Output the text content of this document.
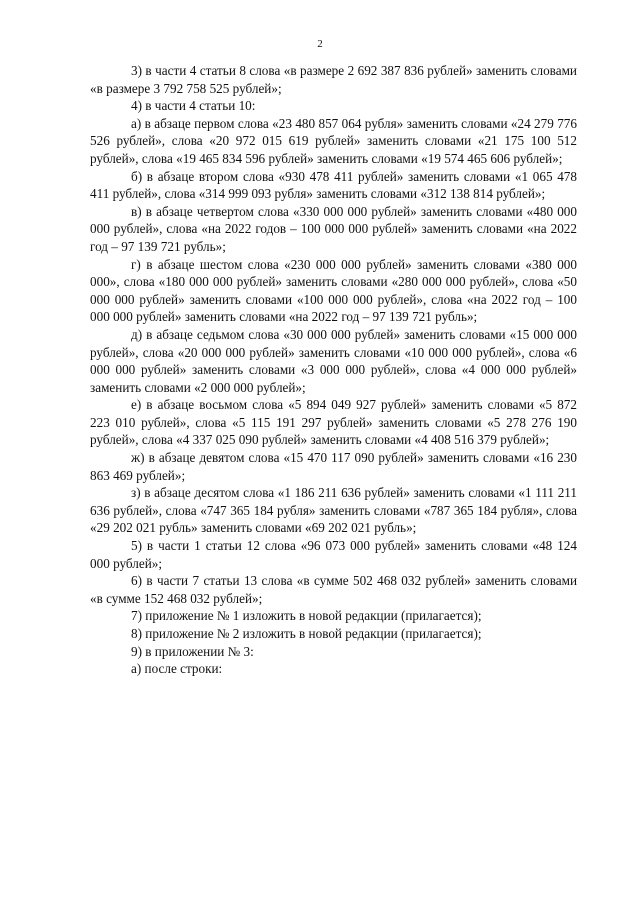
2

3) в части 4 статьи 8 слова «в размере 2 692 387 836 рублей» заменить словами «в размере 3 792 758 525 рублей»;

4) в части 4 статьи 10:

а) в абзаце первом слова «23 480 857 064 рубля» заменить словами «24 279 776 526 рублей», слова «20 972 015 619 рублей» заменить словами «21 175 100 512 рублей», слова «19 465 834 596 рублей» заменить словами «19 574 465 606 рублей»;

б) в абзаце втором слова «930 478 411 рублей» заменить словами «1 065 478 411 рублей», слова «314 999 093 рубля» заменить словами «312 138 814 рублей»;

в) в абзаце четвертом слова «330 000 000 рублей» заменить словами «480 000 000 рублей», слова «на 2022 годов – 100 000 000 рублей» заменить словами «на 2022 год – 97 139 721 рубль»;

г) в абзаце шестом слова «230 000 000 рублей» заменить словами «380 000 000», слова «180 000 000 рублей» заменить словами «280 000 000 рублей», слова «50 000 000 рублей» заменить словами «100 000 000 рублей», слова «на 2022 год – 100 000 000 рублей» заменить словами «на 2022 год – 97 139 721 рубль»;

д) в абзаце седьмом слова «30 000 000 рублей» заменить словами «15 000 000 рублей», слова «20 000 000 рублей» заменить словами «10 000 000 рублей», слова «6 000 000 рублей» заменить словами «3 000 000 рублей», слова «4 000 000 рублей» заменить словами «2 000 000 рублей»;

е) в абзаце восьмом слова «5 894 049 927 рублей» заменить словами «5 872 223 010 рублей», слова «5 115 191 297 рублей» заменить словами «5 278 276 190 рублей», слова «4 337 025 090 рублей» заменить словами «4 408 516 379 рублей»;

ж) в абзаце девятом слова «15 470 117 090 рублей» заменить словами «16 230 863 469 рублей»;

з) в абзаце десятом слова «1 186 211 636 рублей» заменить словами «1 111 211 636 рублей», слова «747 365 184 рубля» заменить словами «787 365 184 рубля», слова «29 202 021 рубль» заменить словами «69 202 021 рубль»;

5) в части 1 статьи 12 слова «96 073 000 рублей» заменить словами «48 124 000 рублей»;

6) в части 7 статьи 13 слова «в сумме 502 468 032 рублей» заменить словами «в сумме 152 468 032 рублей»;

7) приложение № 1 изложить в новой редакции (прилагается);

8) приложение № 2 изложить в новой редакции (прилагается);

9) в приложении № 3:

а) после строки:
